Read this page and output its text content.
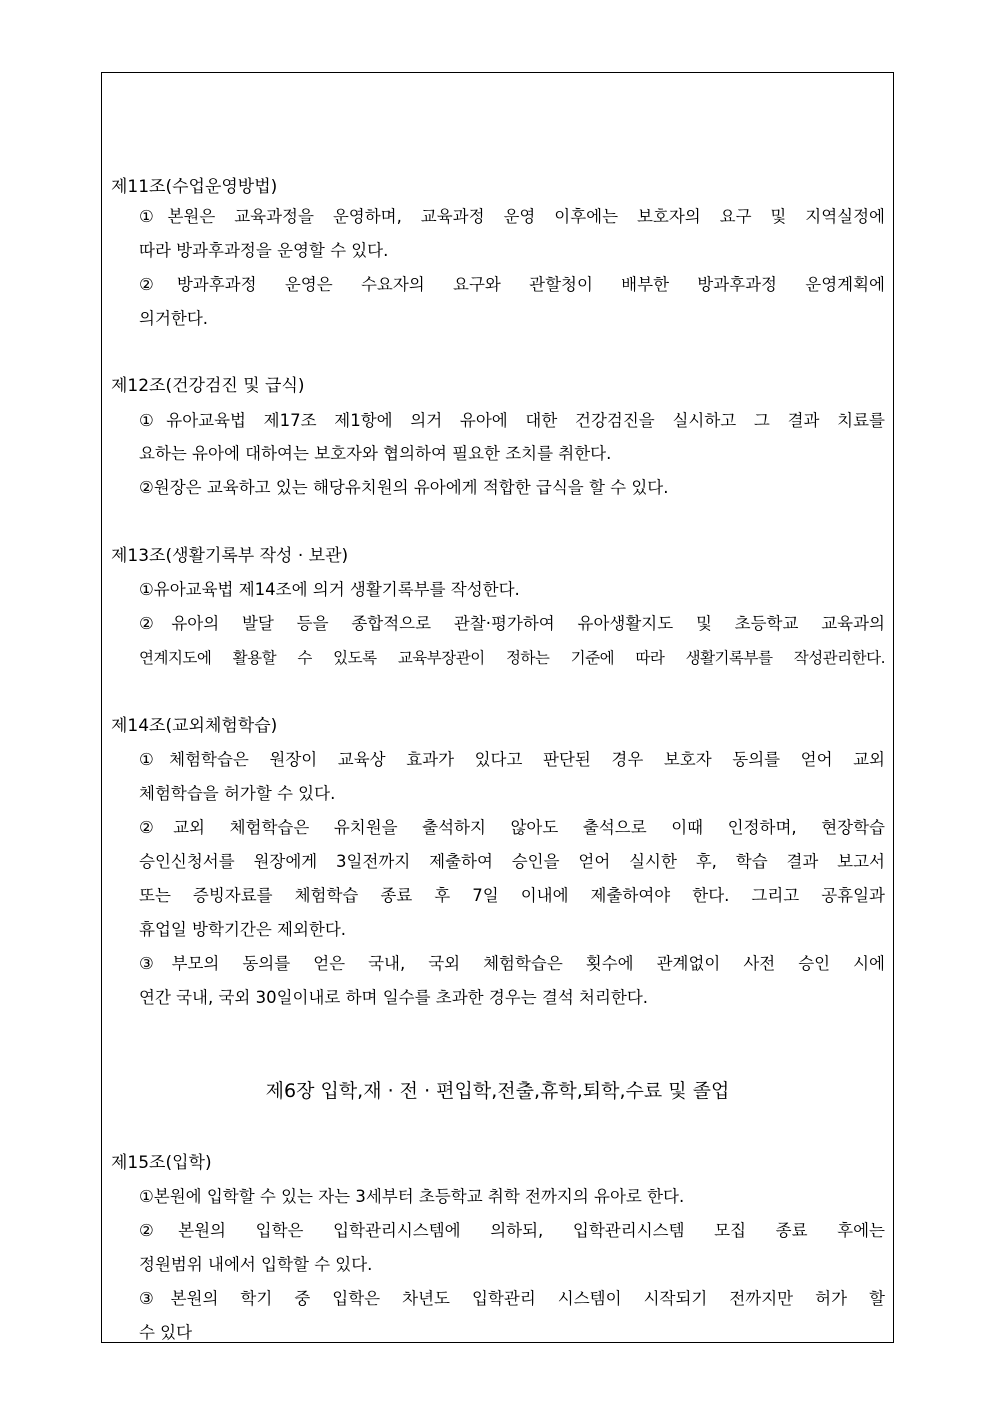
제11조(수업운영방법)
①본원은 교육과정을 운영하며, 교육과정 운영 이후에는 보호자의 요구 및 지역실정에
따라 방과후과정을 운영할 수 있다.
②방과후과정 운영은 수요자의 요구와 관할청이 배부한 방과후과정 운영계획에
의거한다.
제12조(건강검진 및 급식)
①유아교육법 제17조 제1항에 의거 유아에 대한 건강검진을 실시하고 그 결과 치료를
요하는 유아에 대하여는 보호자와 협의하여 필요한 조치를 취한다.
②원장은 교육하고 있는 해당유치원의 유아에게 적합한 급식을 할 수 있다.
제13조(생활기록부 작성 · 보관)
①유아교육법 제14조에 의거 생활기록부를 작성한다.
②유아의 발달 등을 종합적으로 관찰·평가하여 유아생활지도 및 초등학교 교육과의
연계지도에 활용할 수 있도록 교육부장관이 정하는 기준에 따라 생활기록부를 작성관리한다.
제14조(교외체험학습)
①체험학습은 원장이 교육상 효과가 있다고 판단된 경우 보호자 동의를 얻어 교외
체험학습을 허가할 수 있다.
②교외 체험학습은 유치원을 출석하지 않아도 출석으로 이때 인정하며, 현장학습
승인신청서를 원장에게 3일전까지 제출하여 승인을 얻어 실시한 후, 학습 결과 보고서
또는 증빙자료를 체험학습 종료 후 7일 이내에 제출하여야 한다. 그리고 공휴일과
휴업일 방학기간은 제외한다.
③부모의 동의를 얻은 국내, 국외 체험학습은 횟수에 관계없이 사전 승인 시에
연간 국내, 국외 30일이내로 하며 일수를 초과한 경우는 결석 처리한다.
제6장 입학,재 · 전 · 편입학,전출,휴학,퇴학,수료 및 졸업
제15조(입학)
①본원에 입학할 수 있는 자는 3세부터 초등학교 취학 전까지의 유아로 한다.
②본원의 입학은 입학관리시스템에 의하되, 입학관리시스템 모집 종료 후에는
정원범위 내에서 입학할 수 있다.
③본원의 학기 중 입학은 차년도 입학관리 시스템이 시작되기 전까지만 허가 할
수 있다
